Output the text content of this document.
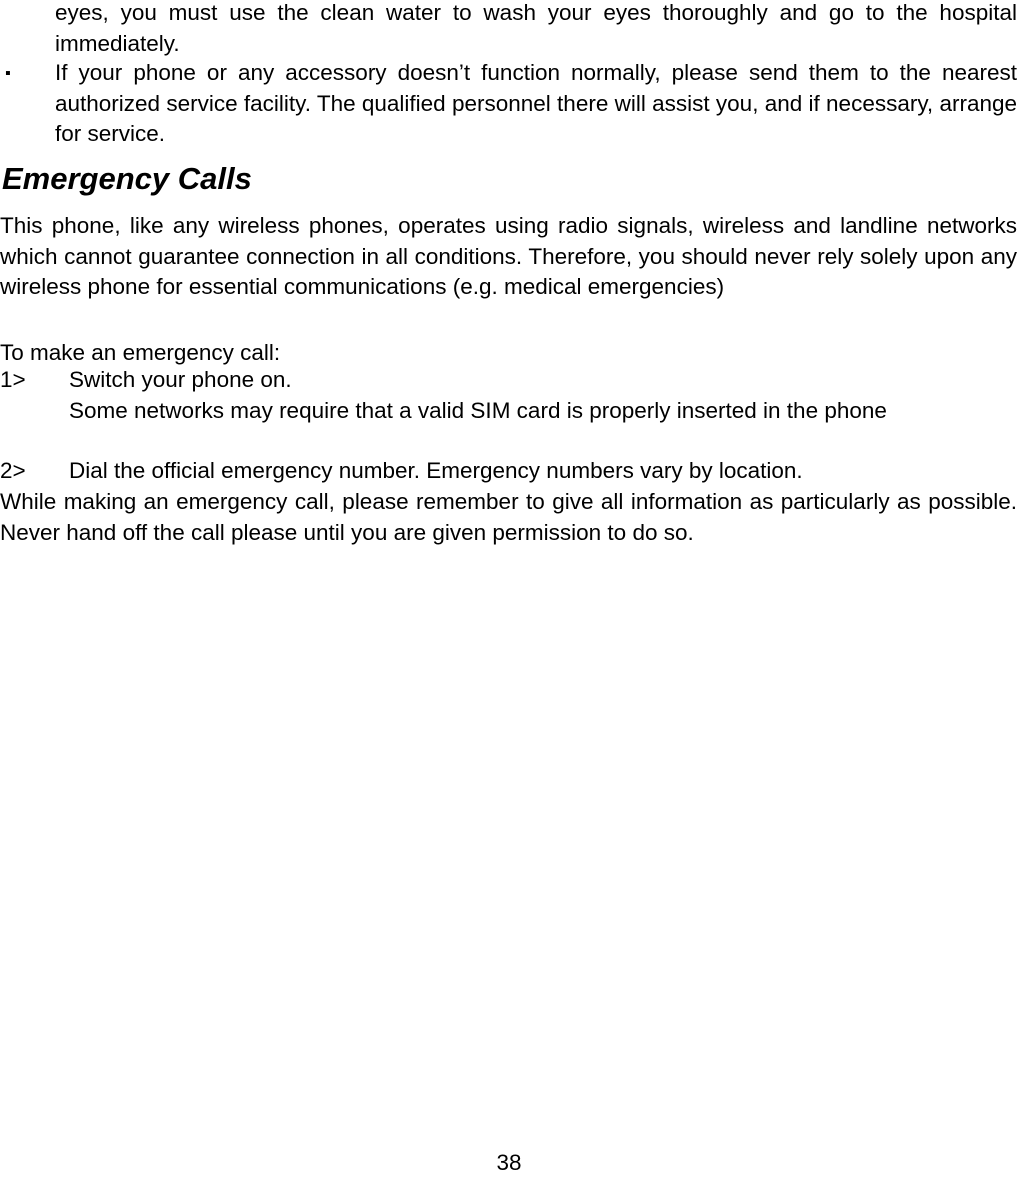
eyes, you must use the clean water to wash your eyes thoroughly and go to the hospital immediately.
▪ If your phone or any accessory doesn’t function normally, please send them to the nearest authorized service facility. The qualified personnel there will assist you, and if necessary, arrange for service.
Emergency Calls
This phone, like any wireless phones, operates using radio signals, wireless and landline networks which cannot guarantee connection in all conditions. Therefore, you should never rely solely upon any wireless phone for essential communications (e.g. medical emergencies)
To make an emergency call:
1> Switch your phone on.
Some networks may require that a valid SIM card is properly inserted in the phone
2> Dial the official emergency number. Emergency numbers vary by location.
While making an emergency call, please remember to give all information as particularly as possible. Never hand off the call please until you are given permission to do so.
38
